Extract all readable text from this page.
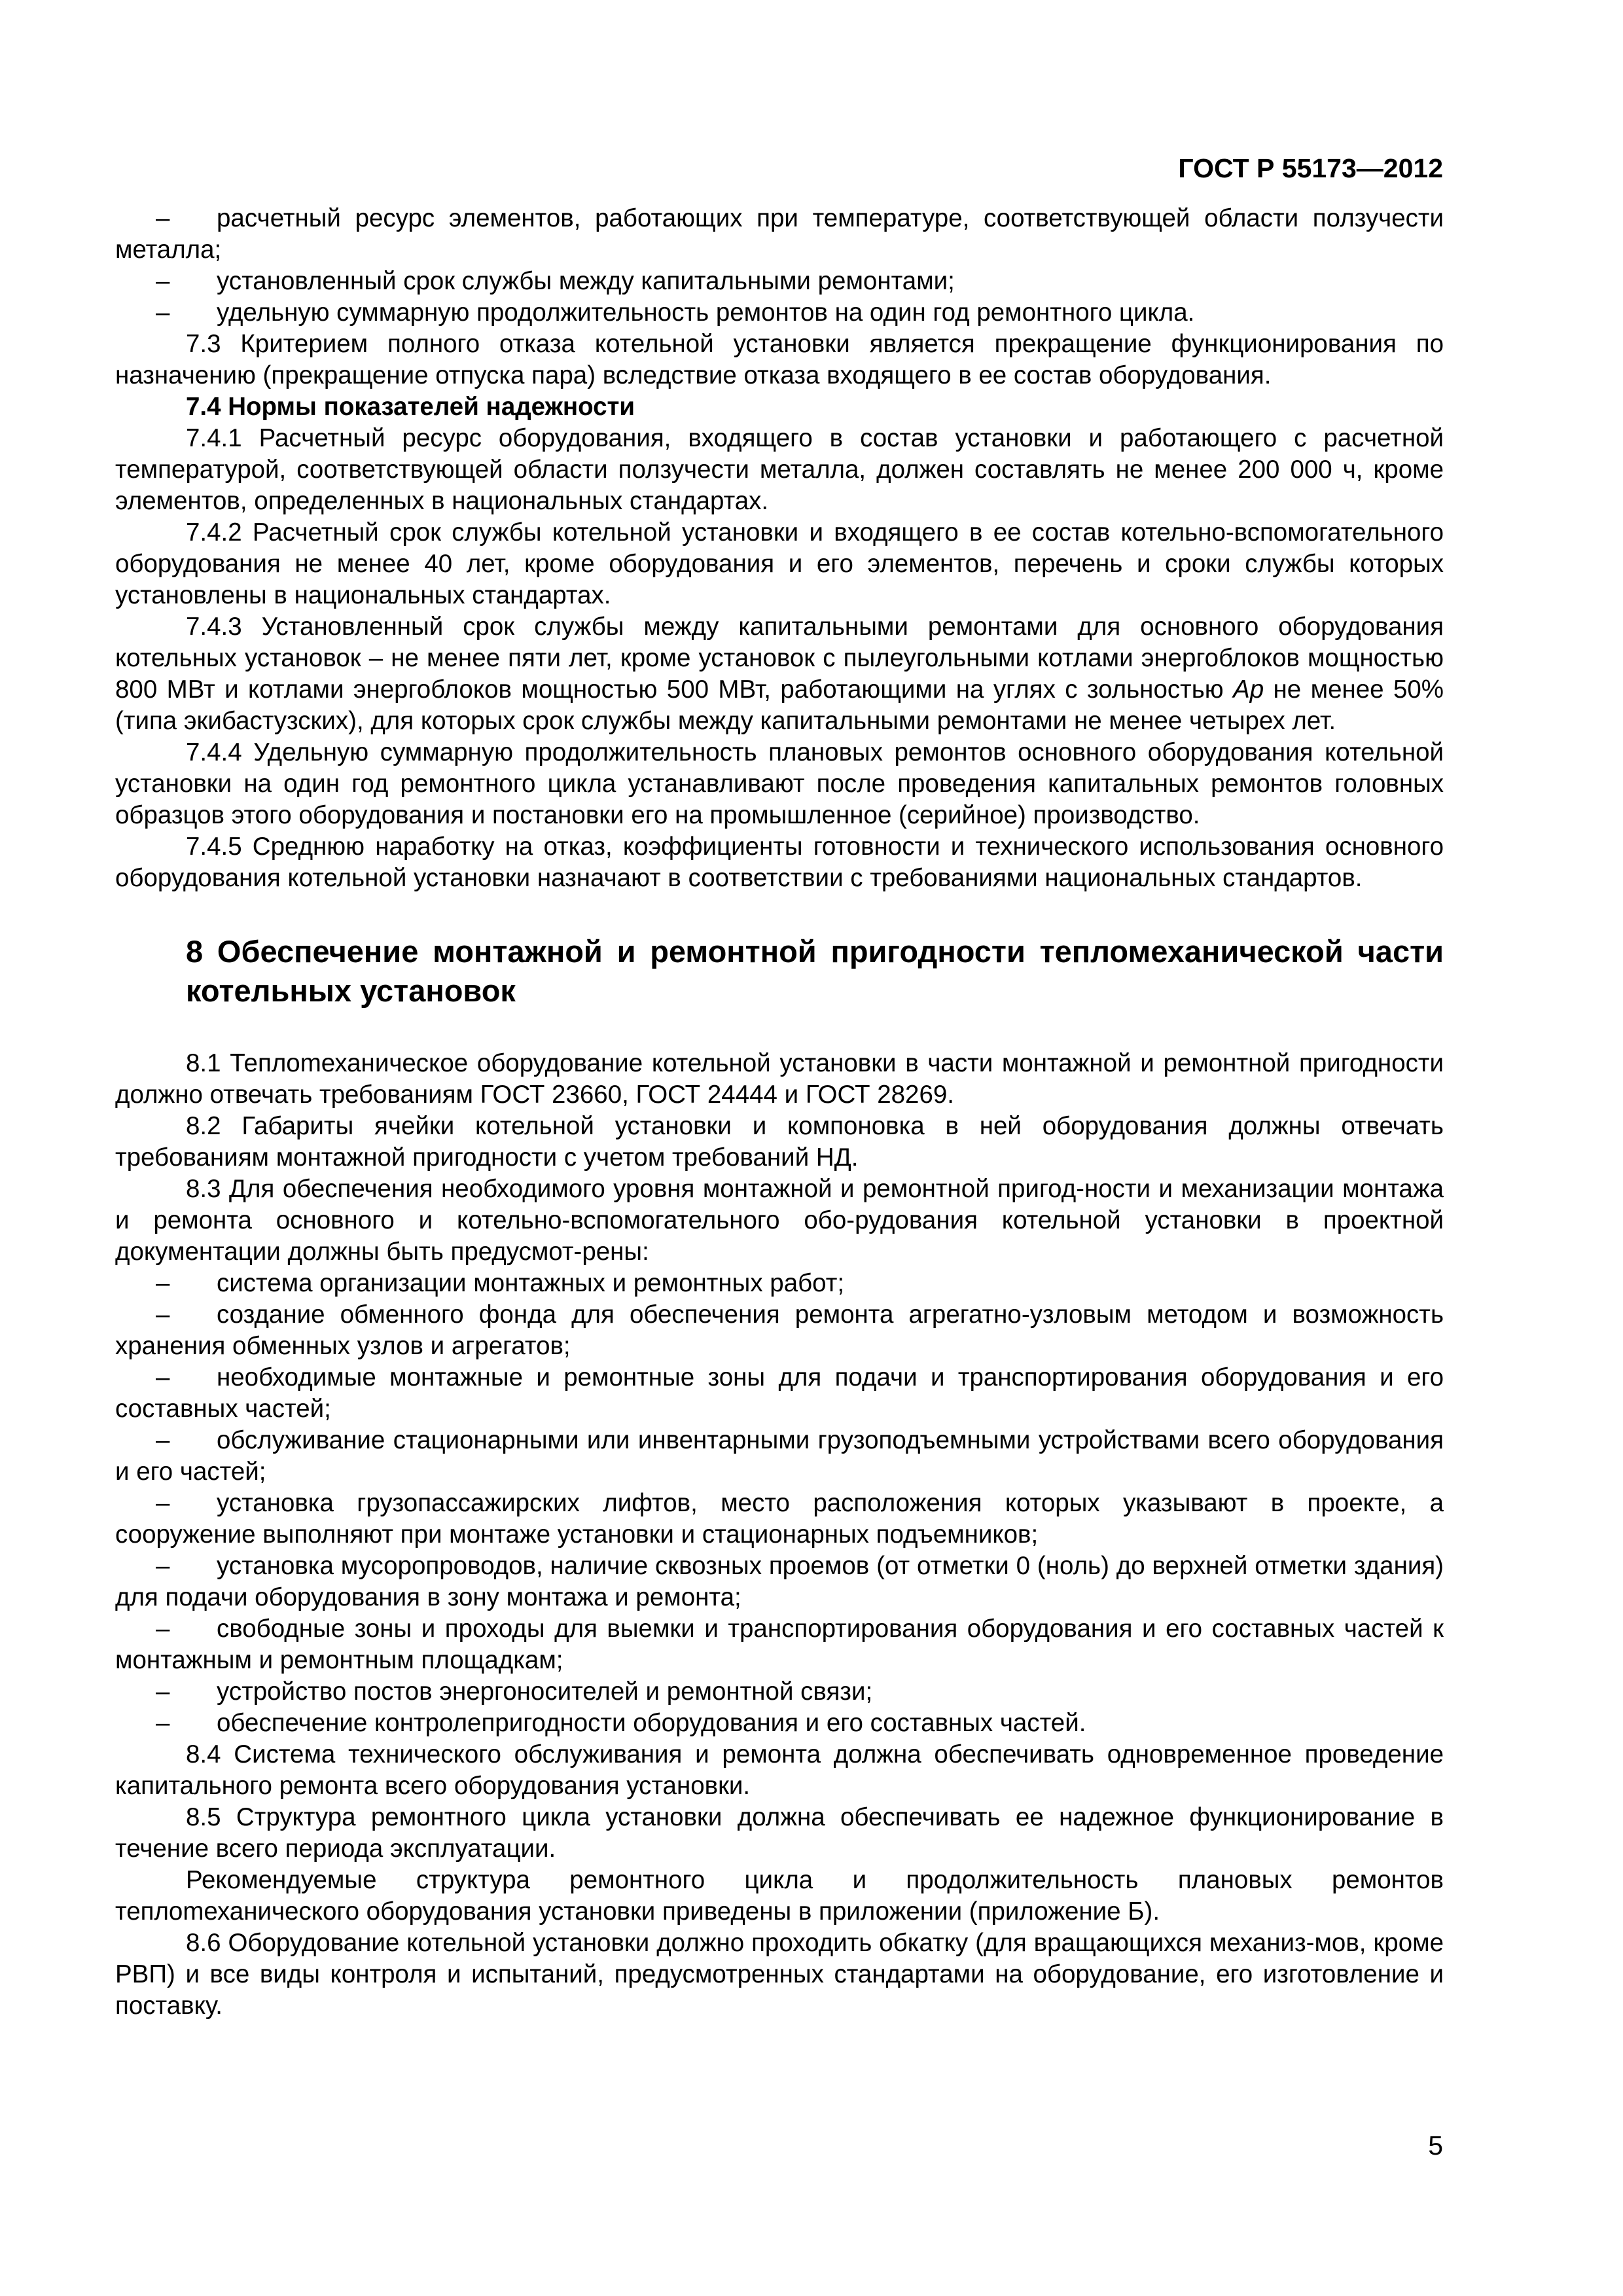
ГОСТ Р 55173—2012

– расчетный ресурс элементов, работающих при температуре, соответствующей области ползучести металла;

– установленный срок службы между капитальными ремонтами;

– удельную суммарную продолжительность ремонтов на один год ремонтного цикла.

7.3 Критерием полного отказа котельной установки является прекращение функционирования по назначению (прекращение отпуска пара) вследствие отказа входящего в ее состав оборудования.

7.4 Нормы показателей надежности

7.4.1 Расчетный ресурс оборудования, входящего в состав установки и работающего с расчетной температурой, соответствующей области ползучести металла, должен составлять не менее 200 000 ч, кроме элементов, определенных в национальных стандартах.

7.4.2 Расчетный срок службы котельной установки и входящего в ее состав котельно-вспомогательного оборудования не менее 40 лет, кроме оборудования и его элементов, перечень и сроки службы которых установлены в национальных стандартах.

7.4.3 Установленный срок службы между капитальными ремонтами для основного оборудования котельных установок – не менее пяти лет, кроме установок с пылеугольными котлами энергоблоков мощностью 800 МВт и котлами энергоблоков мощностью 500 МВт, работающими на углях с зольностью Ap не менее 50% (типа экибастузских), для которых срок службы между капитальными ремонтами не менее четырех лет.

7.4.4 Удельную суммарную продолжительность плановых ремонтов основного оборудования котельной установки на один год ремонтного цикла устанавливают после проведения капитальных ремонтов головных образцов этого оборудования и постановки его на промышленное (серийное) производство.

7.4.5 Среднюю наработку на отказ, коэффициенты готовности и технического использования основного оборудования котельной установки назначают в соответствии с требованиями национальных стандартов.

8 Обеспечение монтажной и ремонтной пригодности тепломеханической части котельных установок

8.1 Теплomеханическое оборудование котельной установки в части монтажной и ремонтной пригодности должно отвечать требованиям ГОСТ 23660, ГОСТ 24444 и ГОСТ 28269.

8.2 Габариты ячейки котельной установки и компоновка в ней оборудования должны отвечать требованиям монтажной пригодности с учетом требований НД.

8.3 Для обеспечения необходимого уровня монтажной и ремонтной пригод-ности и механизации монтажа и ремонта основного и котельно-вспомогательного обо-рудования котельной установки в проектной документации должны быть предусмот-рены:

– система организации монтажных и ремонтных работ;

– создание обменного фонда для обеспечения ремонта агрегатно-узловым методом и возможность хранения обменных узлов и агрегатов;

– необходимые монтажные и ремонтные зоны для подачи и транспортирования оборудования и его составных частей;

– обслуживание стационарными или инвентарными грузоподъемными устройствами всего оборудования и его частей;

– установка грузопассажирских лифтов, место расположения которых указывают в проекте, а сооружение выполняют при монтаже установки и стационарных подъемников;

– установка мусоропроводов, наличие сквозных проемов (от отметки 0 (ноль) до верхней отметки здания) для подачи оборудования в зону монтажа и ремонта;

– свободные зоны и проходы для выемки и транспортирования оборудования и его составных частей к монтажным и ремонтным площадкам;

– устройство постов энергоносителей и ремонтной связи;

– обеспечение контролепригодности оборудования и его составных частей.

8.4 Система технического обслуживания и ремонта должна обеспечивать одновременное проведение капитального ремонта всего оборудования установки.

8.5 Структура ремонтного цикла установки должна обеспечивать ее надежное функционирование в течение всего периода эксплуатации.

Рекомендуемые структура ремонтного цикла и продолжительность плановых ремонтов теплomеханического оборудования установки приведены в приложении (приложение Б).

8.6 Оборудование котельной установки должно проходить обкатку (для вращающихся механиз-мов, кроме РВП) и все виды контроля и испытаний, предусмотренных стандартами на оборудование, его изготовление и поставку.

5
